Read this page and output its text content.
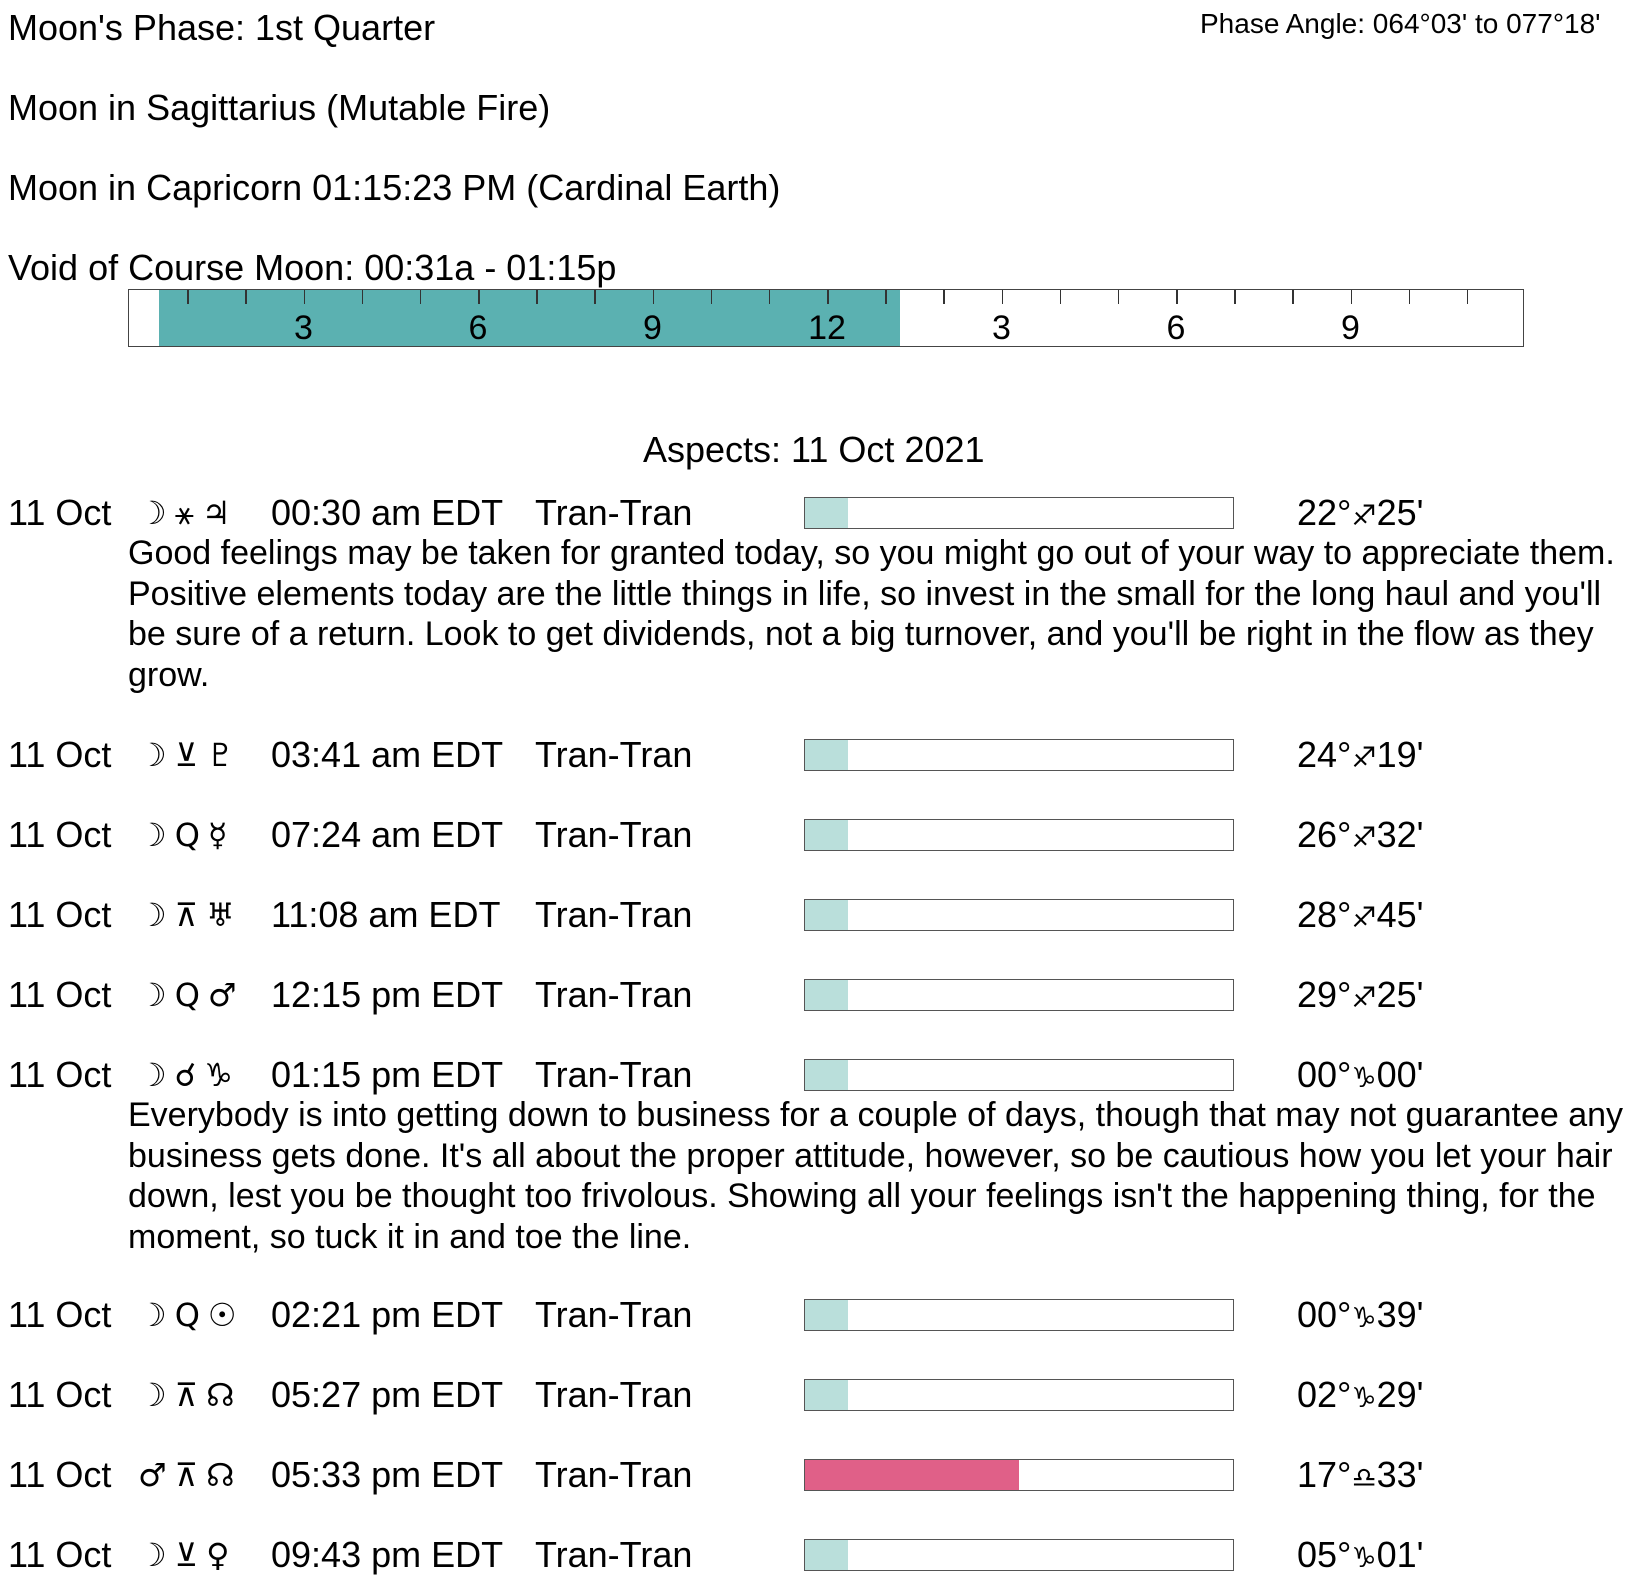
Moon's Phase: 1st Quarter	Phase Angle: 064°03' to 077°18'
Moon in Sagittarius (Mutable Fire)
Moon in Capricorn 01:15:23 PM (Cardinal Earth)
Void of Course Moon: 00:31a - 01:15p
3	6	9	12	3	6	9
Aspects: 11 Oct 2021
11 Oct ☽ ⚹ ♃ 00:30 am EDT Tran-Tran	22°♐25'
Good feelings may be taken for granted today, so you might go out of your way to appreciate them. Positive elements today are the little things in life, so invest in the small for the long haul and you'll be sure of a return. Look to get dividends, not a big turnover, and you'll be right in the flow as they grow.
11 Oct ☽ ⊻ ♇ 03:41 am EDT Tran-Tran	24°♐19'
11 Oct ☽ Q ☿ 07:24 am EDT Tran-Tran	26°♐32'
11 Oct ☽ ⊼ ♅ 11:08 am EDT Tran-Tran	28°♐45'
11 Oct ☽ Q ♂ 12:15 pm EDT Tran-Tran	29°♐25'
11 Oct ☽ ☌ ♑ 01:15 pm EDT Tran-Tran	00°♑00'
Everybody is into getting down to business for a couple of days, though that may not guarantee any business gets done. It's all about the proper attitude, however, so be cautious how you let your hair down, lest you be thought too frivolous. Showing all your feelings isn't the happening thing, for the moment, so tuck it in and toe the line.
11 Oct ☽ Q ☉ 02:21 pm EDT Tran-Tran	00°♑39'
11 Oct ☽ ⊼ ☊ 05:27 pm EDT Tran-Tran	02°♑29'
11 Oct ♂ ⊼ ☊ 05:33 pm EDT Tran-Tran	17°♎33'
11 Oct ☽ ⊻ ♀ 09:43 pm EDT Tran-Tran	05°♑01'
